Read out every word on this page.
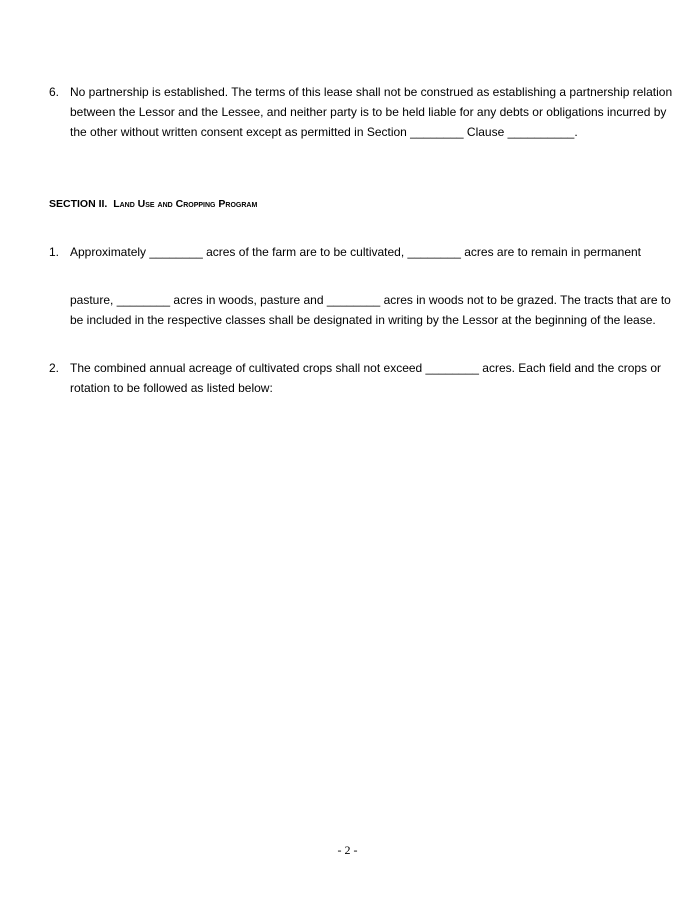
6. No partnership is established. The terms of this lease shall not be construed as establishing a partnership relation
between the Lessor and the Lessee, and neither party is to be held liable for any debts or obligations incurred by
the other without written consent except as permitted in Section ________ Clause __________.
SECTION II. Land Use and Cropping Program
1. Approximately ________ acres of the farm are to be cultivated, ________ acres are to remain in permanent
pasture, ________ acres in woods, pasture and ________ acres in woods not to be grazed. The tracts that are to
be included in the respective classes shall be designated in writing by the Lessor at the beginning of the lease.
2. The combined annual acreage of cultivated crops shall not exceed ________ acres. Each field and the crops or
rotation to be followed as listed below:
- 2 -
